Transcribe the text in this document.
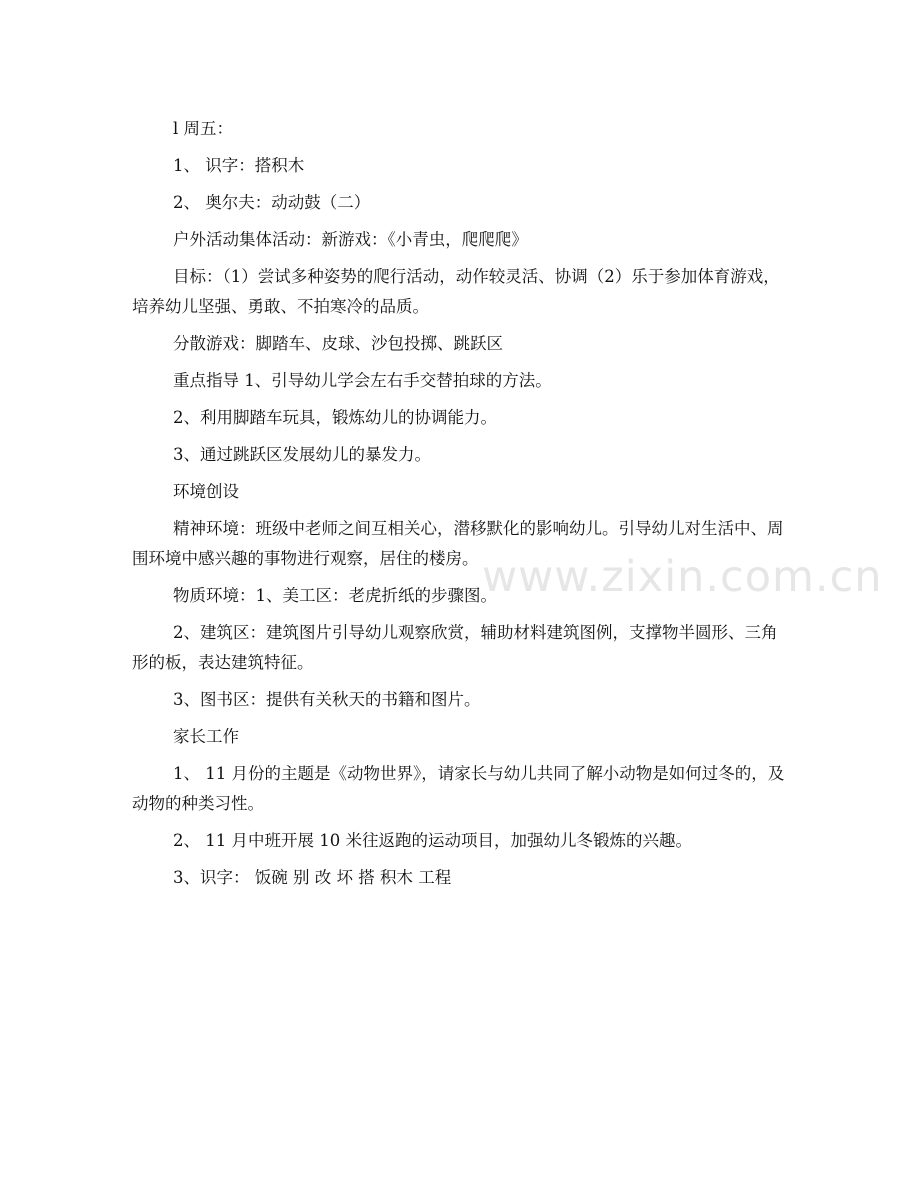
www.zixin.com.cn

l 周五：

1、 识字：搭积木

2、 奥尔夫：动动鼓（二）

户外活动集体活动：新游戏：《小青虫，爬爬爬》

目标：（1）尝试多种姿势的爬行活动，动作较灵活、协调（2）乐于参加体育游戏，培养幼儿坚强、勇敢、不拍寒冷的品质。

分散游戏：脚踏车、皮球、沙包投掷、跳跃区

重点指导 1、引导幼儿学会左右手交替拍球的方法。

2、利用脚踏车玩具，锻炼幼儿的协调能力。

3、通过跳跃区发展幼儿的暴发力。

环境创设

精神环境：班级中老师之间互相关心，潜移默化的影响幼儿。引导幼儿对生活中、周围环境中感兴趣的事物进行观察，居住的楼房。

物质环境：1、美工区：老虎折纸的步骤图。

2、建筑区：建筑图片引导幼儿观察欣赏，辅助材料建筑图例，支撑物半圆形、三角形的板，表达建筑特征。

3、图书区：提供有关秋天的书籍和图片。

家长工作

1、 11 月份的主题是《动物世界》，请家长与幼儿共同了解小动物是如何过冬的，及动物的种类习性。

2、 11 月中班开展 10 米往返跑的运动项目，加强幼儿冬锻炼的兴趣。

3、识字： 饭碗 别 改 坏 搭 积木 工程
